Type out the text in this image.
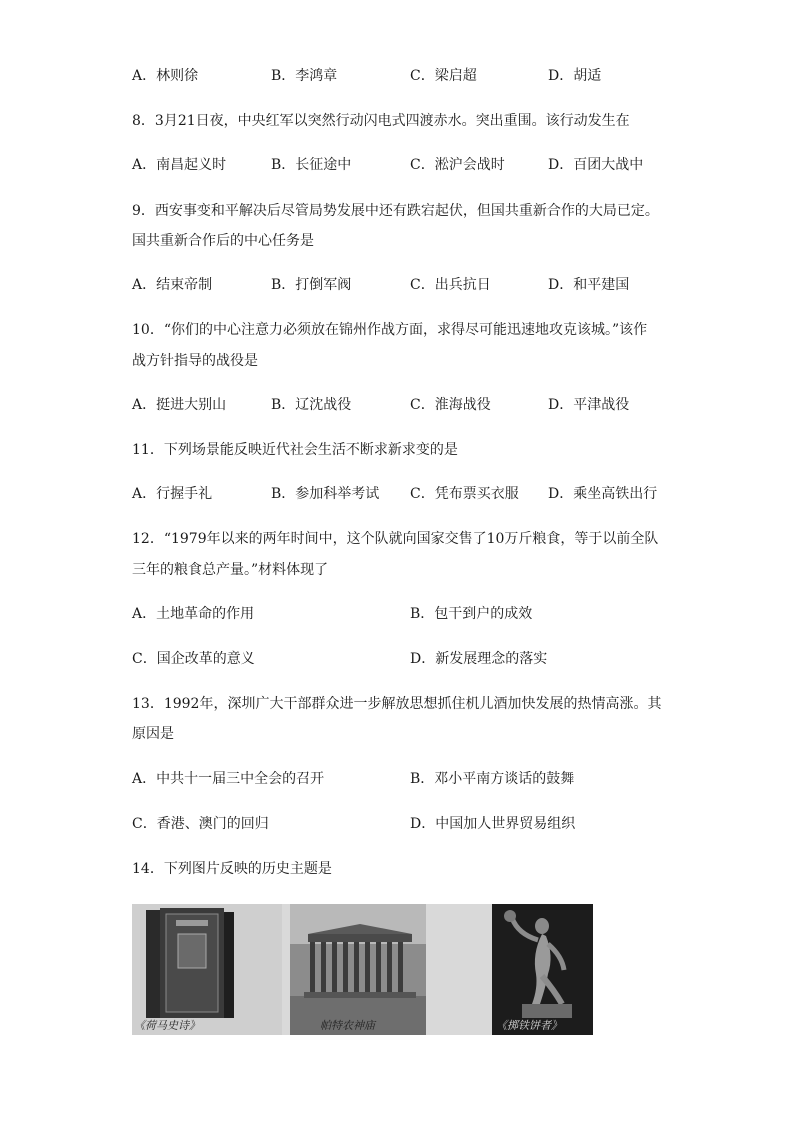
A．林则徐	B．李鸿章	C．梁启超	D．胡适
8．3月21日夜，中央红军以突然行动闪电式四渡赤水。突出重围。该行动发生在
A．南昌起义时	B．长征途中	C．淞沪会战时	D．百团大战中
9．西安事变和平解决后尽管局势发展中还有跌宕起伏，但国共重新合作的大局已定。
国共重新合作后的中心任务是
A．结束帝制	B．打倒军阀	C．出兵抗日	D．和平建国
10．“你们的中心注意力必须放在锦州作战方面，求得尽可能迅速地攻克该城。”该作
战方针指导的战役是
A．挺进大别山	B．辽沈战役	C．淮海战役	D．平津战役
11．下列场景能反映近代社会生活不断求新求变的是
A．行握手礼	B．参加科举考试 C．凭布票买衣服 D．乘坐高铁出行
12．“1979年以来的两年时间中，这个队就向国家交售了10万斤粮食，等于以前全队
三年的粮食总产量。”材料体现了
A．土地革命的作用	B．包干到户的成效
C．国企改革的意义	D．新发展理念的落实
13．1992年，深圳广大干部群众进一步解放思想抓住机儿酒加快发展的热情高涨。其
原因是
A．中共十一届三中全会的召开	B．邓小平南方谈话的鼓舞
C．香港、澳门的回归	D．中国加人世界贸易组织
14．下列图片反映的历史主题是
《荷马史诗》	帕特农神庙	《掷铁饼者》
